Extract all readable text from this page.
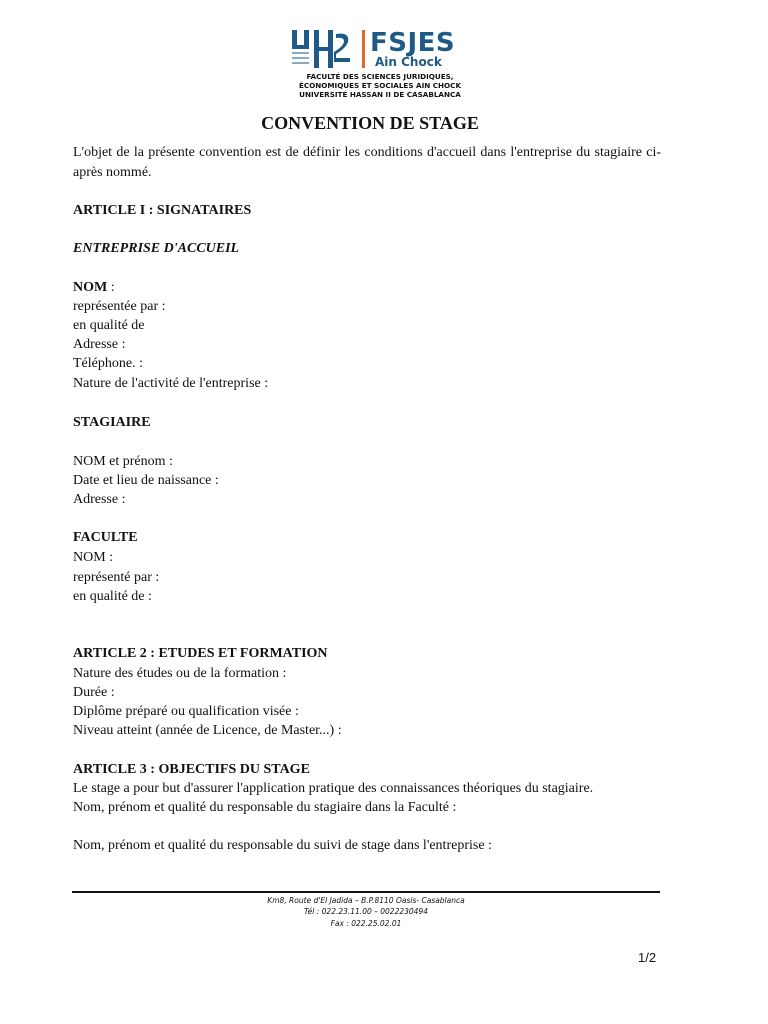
FSJES
Ain Chock
FACULTÉ DES SCIENCES JURIDIQUES,
ÉCONOMIQUES ET SOCIALES AIN CHOCK
UNIVERSITÉ HASSAN II DE CASABLANCA
CONVENTION DE STAGE
L'objet de la présente convention est de définir les conditions d'accueil dans l'entreprise du stagiaire ci-après nommé.
ARTICLE I : SIGNATAIRES
ENTREPRISE D'ACCUEIL
NOM :
représentée par :
en qualité de
Adresse :
Téléphone. :
Nature de l'activité de l'entreprise :
STAGIAIRE
NOM et prénom :
Date et lieu de naissance :
Adresse :
FACULTE
NOM :
représenté par :
en qualité de :
ARTICLE 2 : ETUDES ET FORMATION
Nature des études ou de la formation :
Durée :
Diplôme préparé ou qualification visée :
Niveau atteint (année de Licence, de Master...) :
ARTICLE 3 : OBJECTIFS DU STAGE
Le stage a pour but d'assurer l'application pratique des connaissances théoriques du stagiaire.
Nom, prénom et qualité du responsable du stagiaire dans la Faculté :
Nom, prénom et qualité du responsable du suivi de stage dans l'entreprise :
Km8, Route d'El Jadida – B.P.8110 Oasis- Casablanca
Tél : 022.23.11.00 – 0022230494
Fax : 022.25.02.01
1/2
